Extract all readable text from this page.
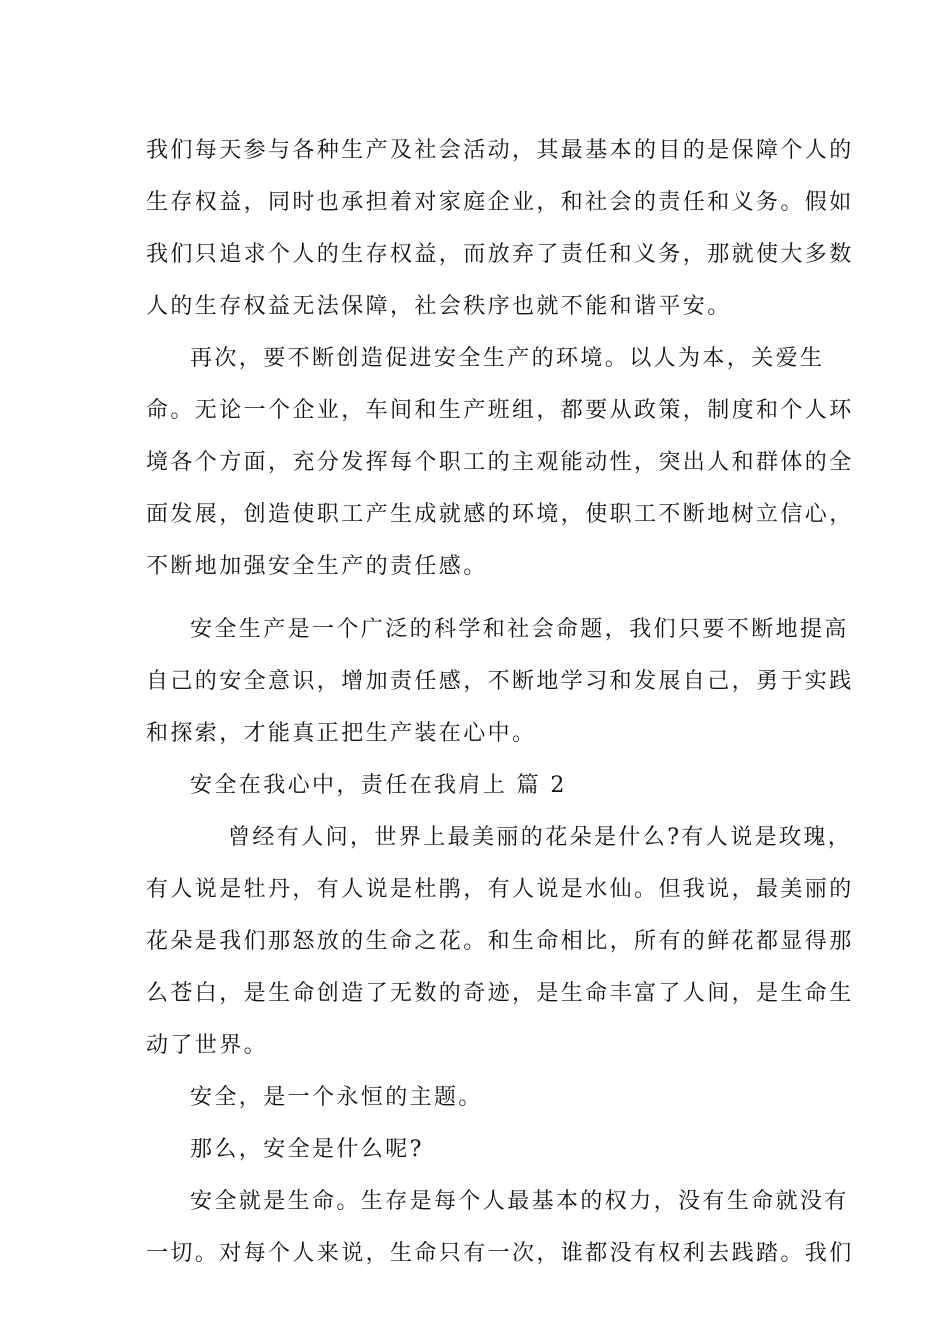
我们每天参与各种生产及社会活动，其最基本的目的是保障个人的
生存权益，同时也承担着对家庭企业，和社会的责任和义务。假如
我们只追求个人的生存权益，而放弃了责任和义务，那就使大多数
人的生存权益无法保障，社会秩序也就不能和谐平安。
再次，要不断创造促进安全生产的环境。以人为本，关爱生
命。无论一个企业，车间和生产班组，都要从政策，制度和个人环
境各个方面，充分发挥每个职工的主观能动性，突出人和群体的全
面发展，创造使职工产生成就感的环境，使职工不断地树立信心，
不断地加强安全生产的责任感。
安全生产是一个广泛的科学和社会命题，我们只要不断地提高
自己的安全意识，增加责任感，不断地学习和发展自己，勇于实践
和探索，才能真正把生产装在心中。
安全在我心中，责任在我肩上 篇 2
曾经有人问，世界上最美丽的花朵是什么?有人说是玫瑰，
有人说是牡丹，有人说是杜鹃，有人说是水仙。但我说，最美丽的
花朵是我们那怒放的生命之花。和生命相比，所有的鲜花都显得那
么苍白，是生命创造了无数的奇迹，是生命丰富了人间，是生命生
动了世界。
安全，是一个永恒的主题。
那么，安全是什么呢?
安全就是生命。生存是每个人最基本的权力，没有生命就没有
一切。对每个人来说，生命只有一次，谁都没有权利去践踏。我们
